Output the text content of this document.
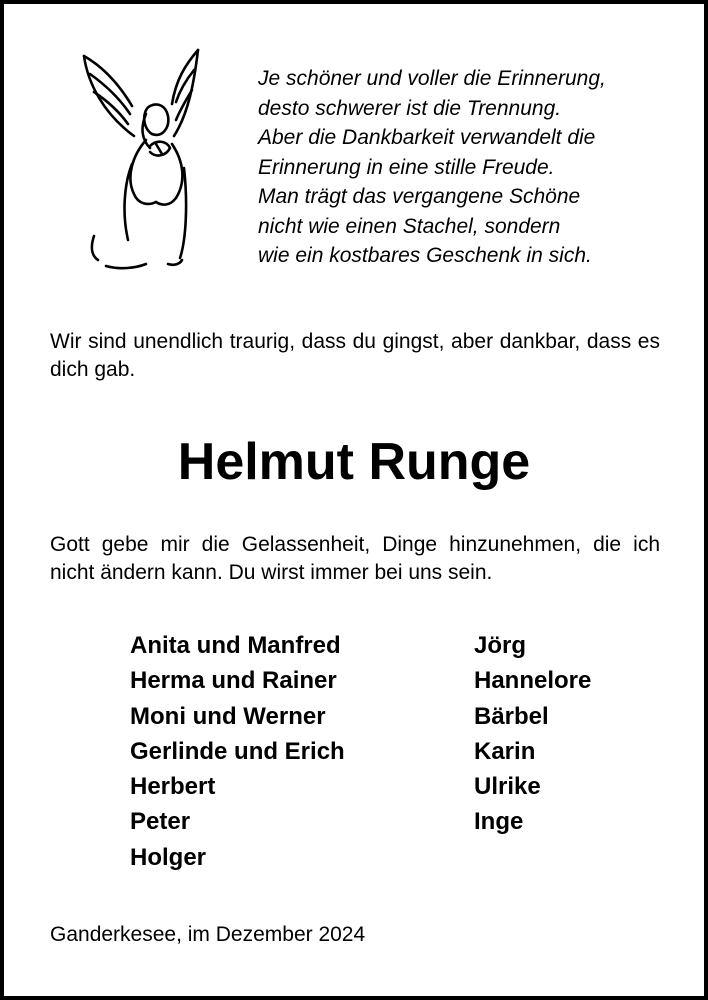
Je schöner und voller die Erinnerung,
desto schwerer ist die Trennung.
Aber die Dankbarkeit verwandelt die
Erinnerung in eine stille Freude.
Man trägt das vergangene Schöne
nicht wie einen Stachel, sondern
wie ein kostbares Geschenk in sich.
Wir sind unendlich traurig, dass du gingst, aber dankbar, dass es dich gab.
Helmut Runge
Gott gebe mir die Gelassenheit, Dinge hinzunehmen, die ich nicht ändern kann. Du wirst immer bei uns sein.
Anita und Manfred
Herma und Rainer
Moni und Werner
Gerlinde und Erich
Herbert
Peter
Holger
Jörg
Hannelore
Bärbel
Karin
Ulrike
Inge
Ganderkesee, im Dezember 2024
